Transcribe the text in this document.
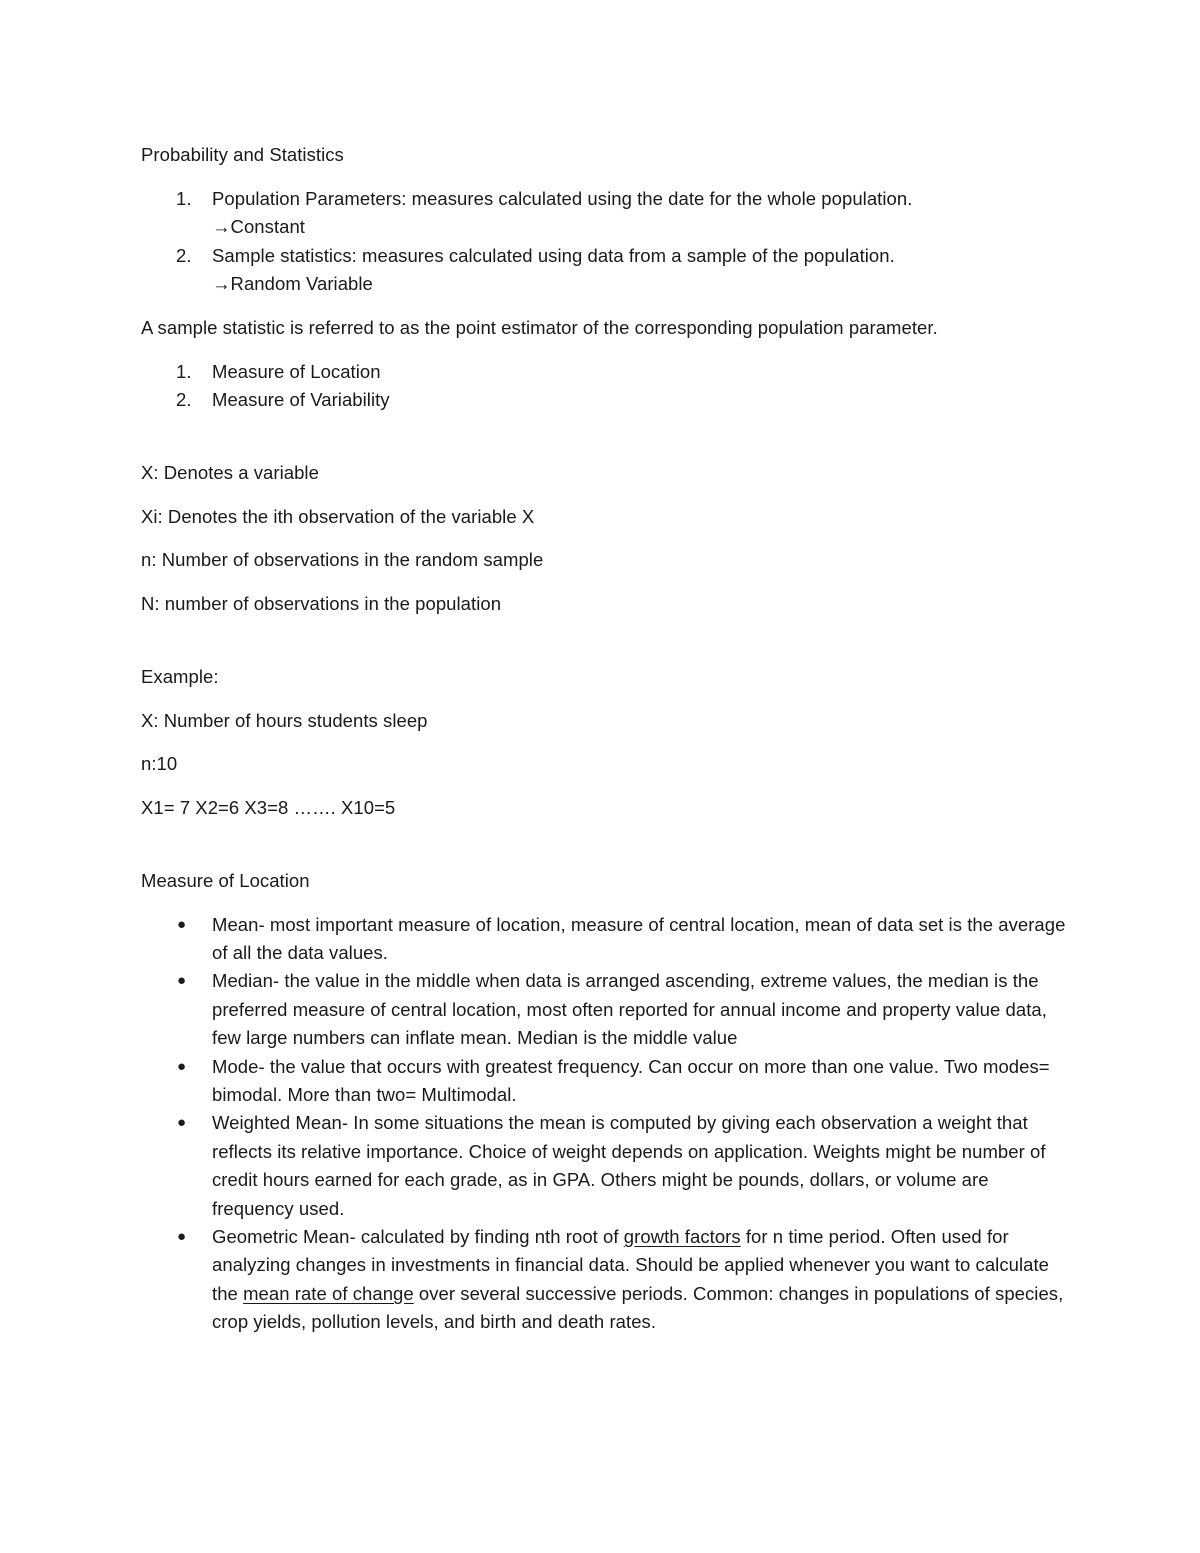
Probability and Statistics

1. Population Parameters: measures calculated using the date for the whole population.
→Constant
2. Sample statistics: measures calculated using data from a sample of the population.
→Random Variable

A sample statistic is referred to as the point estimator of the corresponding population parameter.

1. Measure of Location
2. Measure of Variability

X: Denotes a variable

Xi: Denotes the ith observation of the variable X

n: Number of observations in the random sample

N: number of observations in the population

Example:

X: Number of hours students sleep

n:10

X1= 7 X2=6 X3=8 ……. X10=5

Measure of Location

● Mean- most important measure of location, measure of central location, mean of data set is the average of all the data values.
● Median- the value in the middle when data is arranged ascending, extreme values, the median is the preferred measure of central location, most often reported for annual income and property value data, few large numbers can inflate mean. Median is the middle value
● Mode- the value that occurs with greatest frequency. Can occur on more than one value. Two modes= bimodal. More than two= Multimodal.
● Weighted Mean- In some situations the mean is computed by giving each observation a weight that reflects its relative importance. Choice of weight depends on application. Weights might be number of credit hours earned for each grade, as in GPA. Others might be pounds, dollars, or volume are frequency used.
● Geometric Mean- calculated by finding nth root of growth factors for n time period. Often used for analyzing changes in investments in financial data. Should be applied whenever you want to calculate the mean rate of change over several successive periods. Common: changes in populations of species, crop yields, pollution levels, and birth and death rates.
